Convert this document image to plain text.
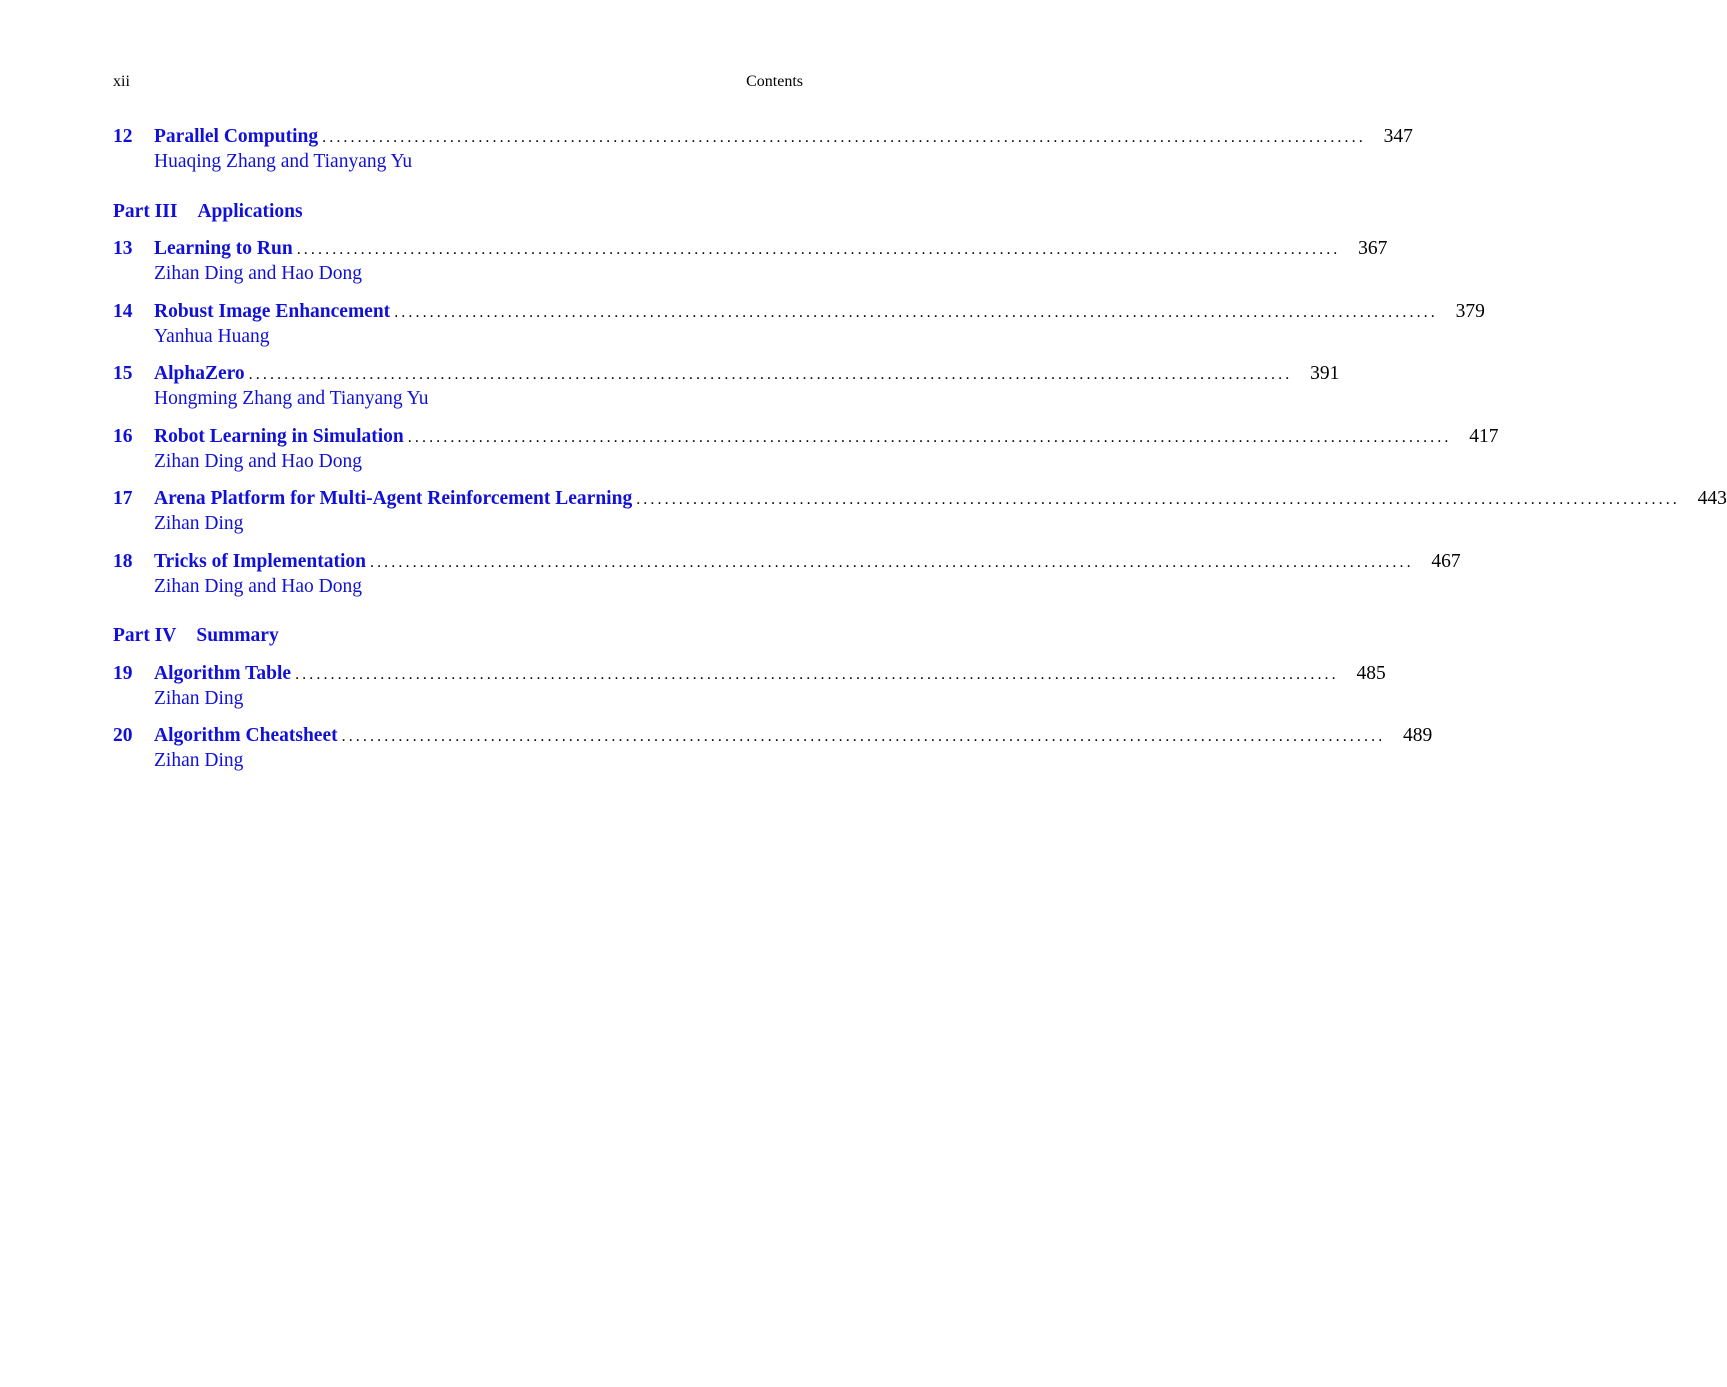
xii	Contents
12	Parallel Computing ................................................................................................................................................... 347
Huaqing Zhang and Tianyang Yu
Part III Applications
13	Learning to Run ................................................................................................................................................... 367
Zihan Ding and Hao Dong
14	Robust Image Enhancement ................................................................................................................................................... 379
Yanhua Huang
15	AlphaZero ................................................................................................................................................... 391
Hongming Zhang and Tianyang Yu
16	Robot Learning in Simulation ................................................................................................................................................... 417
Zihan Ding and Hao Dong
17	Arena Platform for Multi-Agent Reinforcement Learning ................................................................................................................................................... 443
Zihan Ding
18	Tricks of Implementation ................................................................................................................................................... 467
Zihan Ding and Hao Dong
Part IV Summary
19	Algorithm Table ................................................................................................................................................... 485
Zihan Ding
20	Algorithm Cheatsheet ................................................................................................................................................... 489
Zihan Ding
